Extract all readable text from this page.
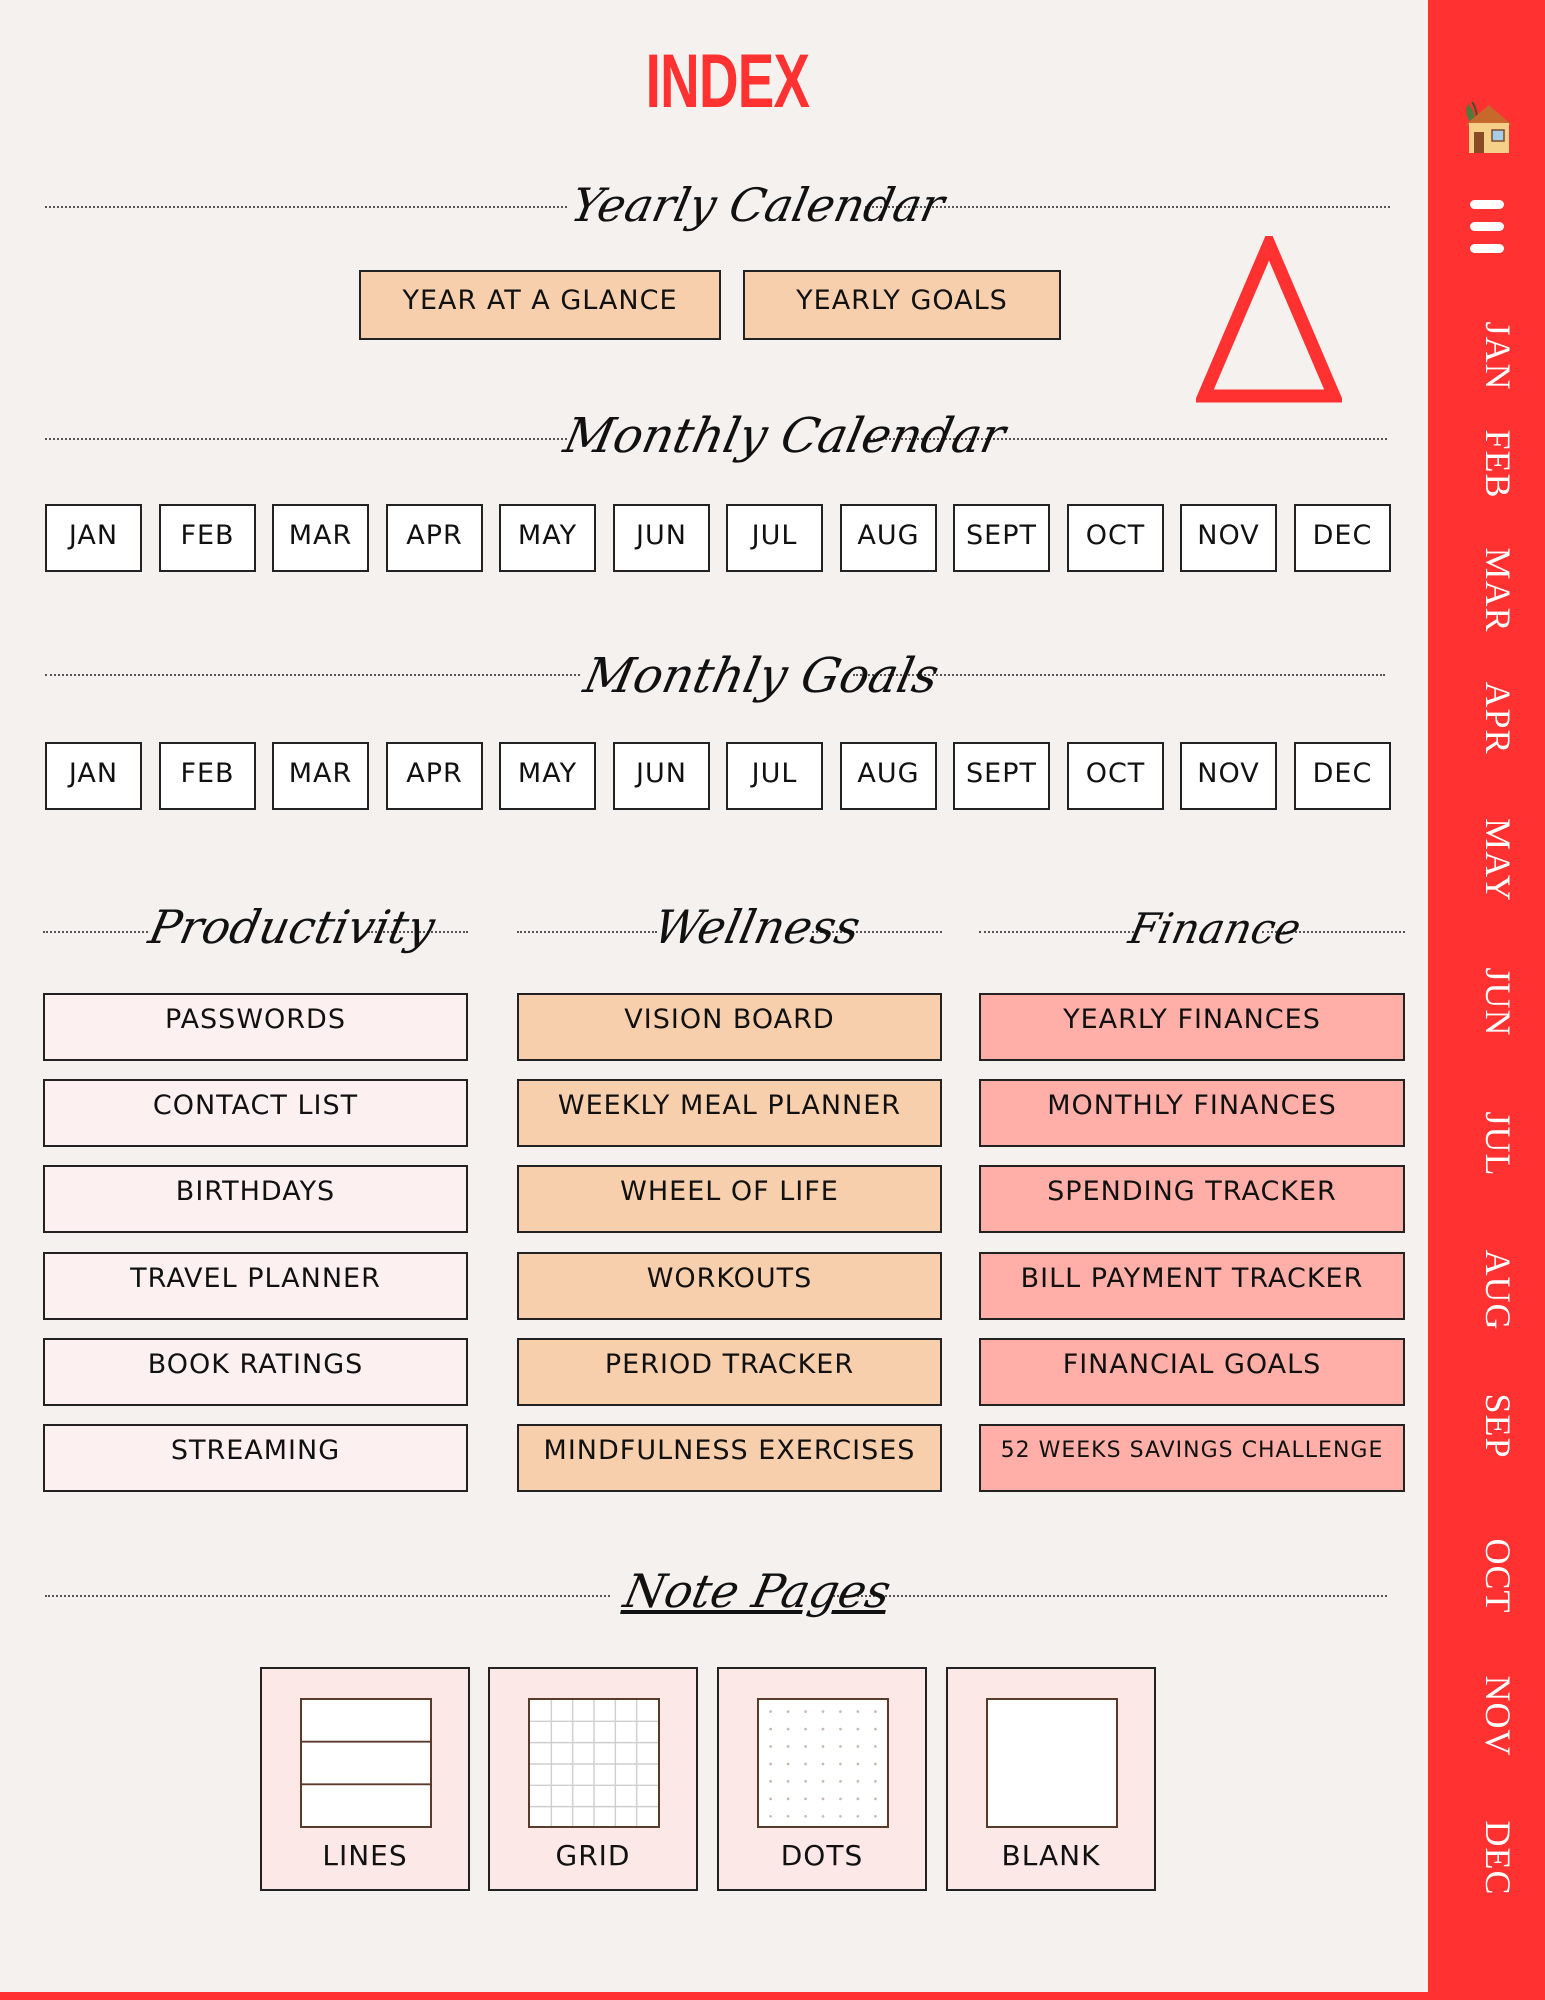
JAN
FEB
MAR
APR
MAY
JUN
JUL
AUG
SEP
OCT
NOV
DEC
INDEX
Yearly Calendar
YEAR AT A GLANCE	YEARLY GOALS
Monthly Calendar
JAN	FEB	MAR	APR	MAY	JUN	JUL	AUG	SEPT	OCT	NOV	DEC
Monthly Goals
JAN	FEB	MAR	APR	MAY	JUN	JUL	AUG	SEPT	OCT	NOV	DEC
Productivity	Wellness	Finance
PASSWORDS
CONTACT LIST
BIRTHDAYS
TRAVEL PLANNER
BOOK RATINGS
STREAMING
VISION BOARD
WEEKLY MEAL PLANNER
WHEEL OF LIFE
WORKOUTS
PERIOD TRACKER
MINDFULNESS EXERCISES
YEARLY FINANCES
MONTHLY FINANCES
SPENDING TRACKER
BILL PAYMENT TRACKER
FINANCIAL GOALS
52 WEEKS SAVINGS CHALLENGE
Note Pages
LINES	GRID	DOTS	BLANK
